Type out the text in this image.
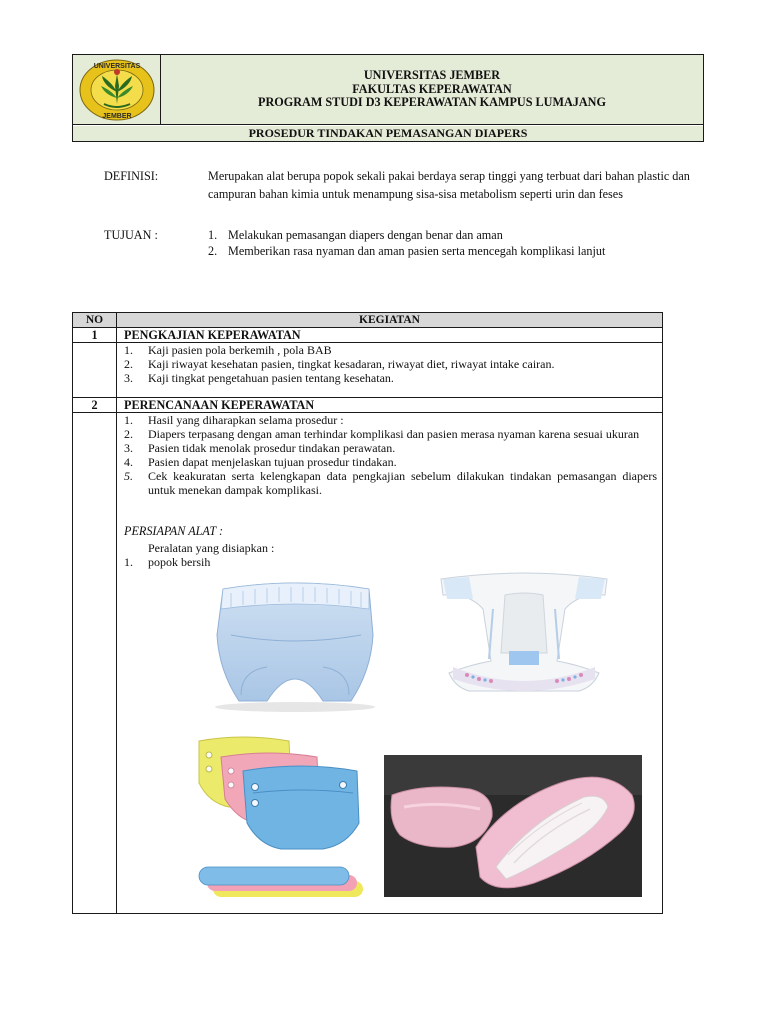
UNIVERSITAS
JEMBER
UNIVERSITAS JEMBER
FAKULTAS KEPERAWATAN
PROGRAM STUDI D3 KEPERAWATAN KAMPUS LUMAJANG
PROSEDUR TINDAKAN PEMASANGAN DIAPERS
DEFINISI:	Merupakan alat berupa popok sekali pakai berdaya serap tinggi yang terbuat dari bahan plastic dan campuran bahan kimia untuk menampung sisa-sisa metabolism seperti urin dan feses
TUJUAN :	1. Melakukan pemasangan diapers dengan benar dan aman
2. Memberikan rasa nyaman dan aman pasien serta mencegah komplikasi lanjut
NO	KEGIATAN
1	PENGKAJIAN KEPERAWATAN
1. Kaji pasien pola berkemih , pola BAB
2. Kaji riwayat kesehatan pasien, tingkat kesadaran, riwayat diet, riwayat intake cairan.
3. Kaji tingkat pengetahuan pasien tentang kesehatan.
2	PERENCANAAN KEPERAWATAN
1. Hasil yang diharapkan selama prosedur :
2. Diapers terpasang dengan aman terhindar komplikasi dan pasien merasa nyaman karena sesuai ukuran
3. Pasien tidak menolak prosedur tindakan perawatan.
4. Pasien dapat menjelaskan tujuan prosedur tindakan.
5. Cek keakuratan serta kelengkapan data pengkajian sebelum dilakukan tindakan pemasangan diapers untuk menekan dampak komplikasi.
PERSIAPAN ALAT :
Peralatan yang disiapkan :
1. popok bersih
